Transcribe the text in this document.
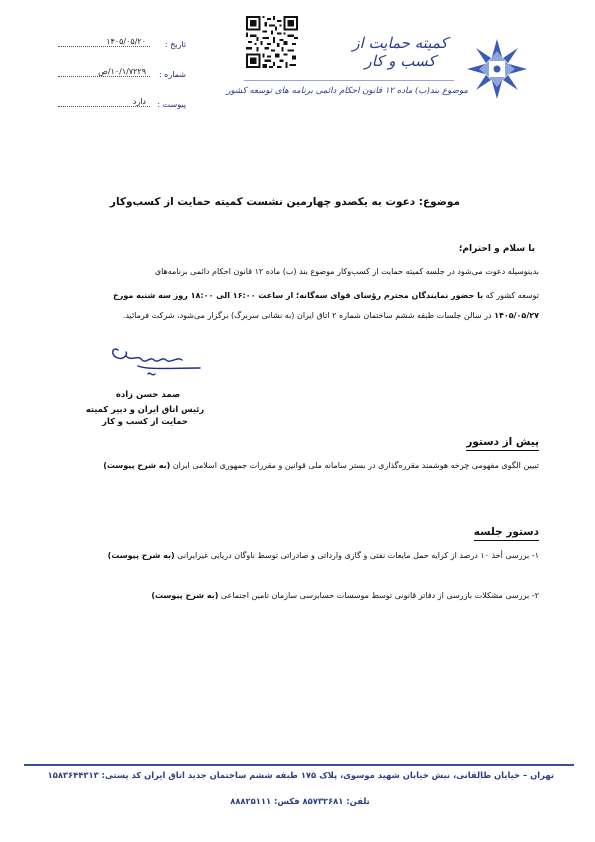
کمیته حمایت از کسب و کار
موضوع بند(ب) ماده ۱۲ قانون احکام دائمی برنامه های توسعه کشور
تاریخ :
۱۴۰۵/۰۵/۲۰
شماره :
۱۰/۱/۷۲۲۹/ص
پیوست :
دارد
موضوع: دعوت به یکصدو چهارمین نشست کمیته حمایت از کسب‌وکار
با سلام و احترام؛
بدینوسیله دعوت می‌شود در جلسه کمیته حمایت از کسب‌وکار موضوع بند (ب) ماده ۱۲ قانون احکام دائمی برنامه‌های
توسعه کشور که با حضور نمایندگان محترم رؤسای قوای سه‌گانه؛ از ساعت ۱۶:۰۰ الی ۱۸:۰۰ روز سه شنبه مورخ
۱۴۰۵/۰۵/۲۷ در سالن جلسات طبقه ششم ساختمان شماره ۲ اتاق ایران (به نشانی سربرگ) برگزار می‌شود، شرکت فرمائید.
صمد حسن زاده
رئیس اتاق ایران و دبیر کمیته
حمایت از کسب و کار
پیش از دستور
تبیین الگوی مفهومی چرخه هوشمند مقرره‌گذاری در بستر سامانه ملی قوانین و مقررات جمهوری اسلامی ایران (به شرح پیوست)
دستور جلسه
۱- بررسی أخذ ۱۰ درصد از کرایه حمل مایعات نفتی و گازی وارداتی و صادراتی توسط ناوگان دریایی غیرایرانی (به شرح پیوست)
۲- بررسی مشکلات بازرسی از دفاتر قانونی توسط موسسات حسابرسی سازمان تامین اجتماعی (به شرح پیوست)
تهران – خیابان طالقانی، نبش خیابان شهید موسوی، پلاک ۱۷۵ طبقه ششم ساختمان جدید اتاق ایران کد پستی: ۱۵۸۳۶۴۴۳۱۳
تلفن: ۸۵۷۳۲۶۸۱ فکس: ۸۸۸۲۵۱۱۱
